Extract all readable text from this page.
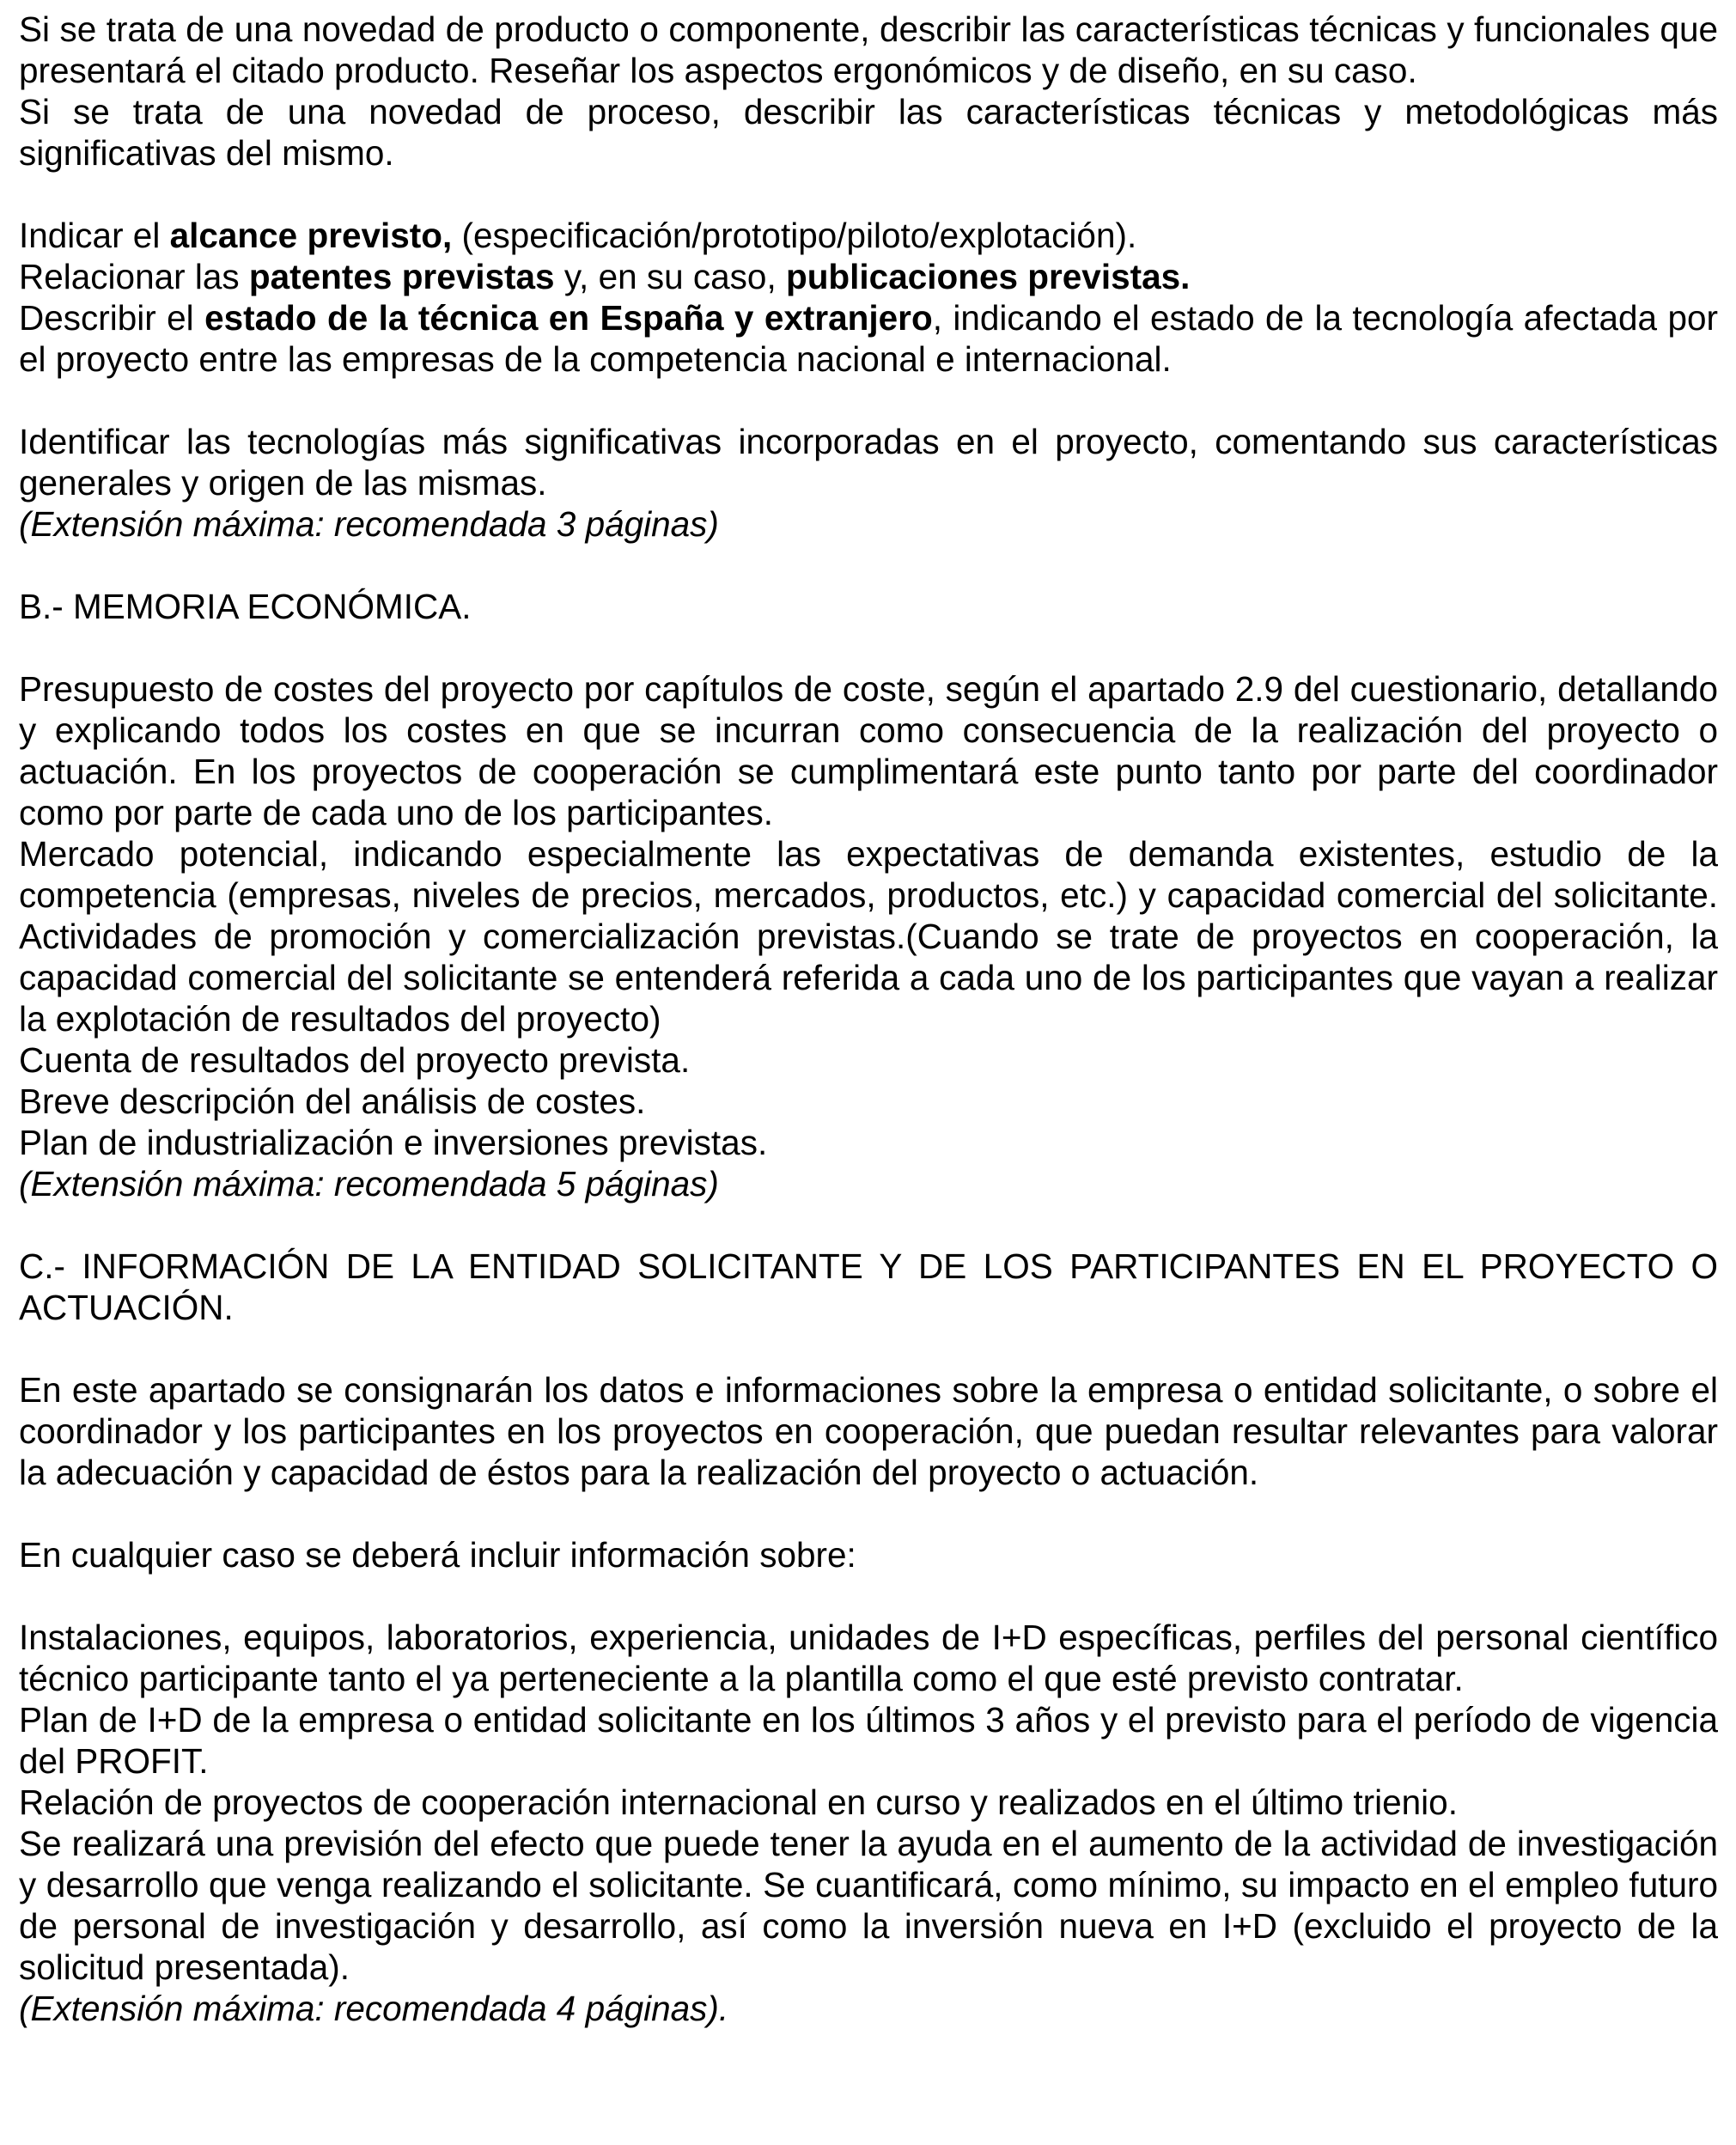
Si se trata de una novedad de producto o componente, describir las características técnicas y funcionales que presentará el citado producto. Reseñar los aspectos ergonómicos y de diseño, en su caso.

Si se trata de una novedad de proceso, describir las características técnicas y metodológicas más significativas del mismo.

Indicar el alcance previsto, (especificación/prototipo/piloto/explotación).

Relacionar las patentes previstas y, en su caso, publicaciones previstas.

Describir el estado de la técnica en España y extranjero, indicando el estado de la tecnología afectada por el proyecto entre las empresas de la competencia nacional e internacional.

Identificar las tecnologías más significativas incorporadas en el proyecto, comentando sus características generales y origen de las mismas.

(Extensión máxima: recomendada 3 páginas)

B.- MEMORIA ECONÓMICA.

Presupuesto de costes del proyecto por capítulos de coste, según el apartado 2.9 del cuestionario, detallando y explicando todos los costes en que se incurran como consecuencia de la realización del proyecto o actuación. En los proyectos de cooperación se cumplimentará este punto tanto por parte del coordinador como por parte de cada uno de los participantes.

Mercado potencial, indicando especialmente las expectativas de demanda existentes, estudio de la competencia (empresas, niveles de precios, mercados, productos, etc.) y capacidad comercial del solicitante. Actividades de promoción y comercialización previstas.(Cuando se trate de proyectos en cooperación, la capacidad comercial del solicitante se entenderá referida a cada uno de los participantes que vayan a realizar la explotación de resultados del proyecto)

Cuenta de resultados del proyecto prevista.

Breve descripción del análisis de costes.

Plan de industrialización e inversiones previstas.

(Extensión máxima: recomendada 5 páginas)

C.- INFORMACIÓN DE LA ENTIDAD SOLICITANTE Y DE LOS PARTICIPANTES EN EL PROYECTO O ACTUACIÓN.

En este apartado se consignarán los datos e informaciones sobre la empresa o entidad solicitante, o sobre el coordinador y los participantes en los proyectos en cooperación, que puedan resultar relevantes para valorar la adecuación y capacidad de éstos para la realización del proyecto o actuación.

En cualquier caso se deberá incluir información sobre:

Instalaciones, equipos, laboratorios, experiencia, unidades de I+D específicas, perfiles del personal científico técnico participante tanto el ya perteneciente a la plantilla como el que esté previsto contratar.

Plan de I+D de la empresa o entidad solicitante en los últimos 3 años y el previsto para el período de vigencia del PROFIT.

Relación de proyectos de cooperación internacional en curso y realizados en el último trienio.

Se realizará una previsión del efecto que puede tener la ayuda en el aumento de la actividad de investigación y desarrollo que venga realizando el solicitante. Se cuantificará, como mínimo, su impacto en el empleo futuro de personal de investigación y desarrollo, así como la inversión nueva en I+D (excluido el proyecto de la solicitud presentada).

(Extensión máxima: recomendada 4 páginas).
